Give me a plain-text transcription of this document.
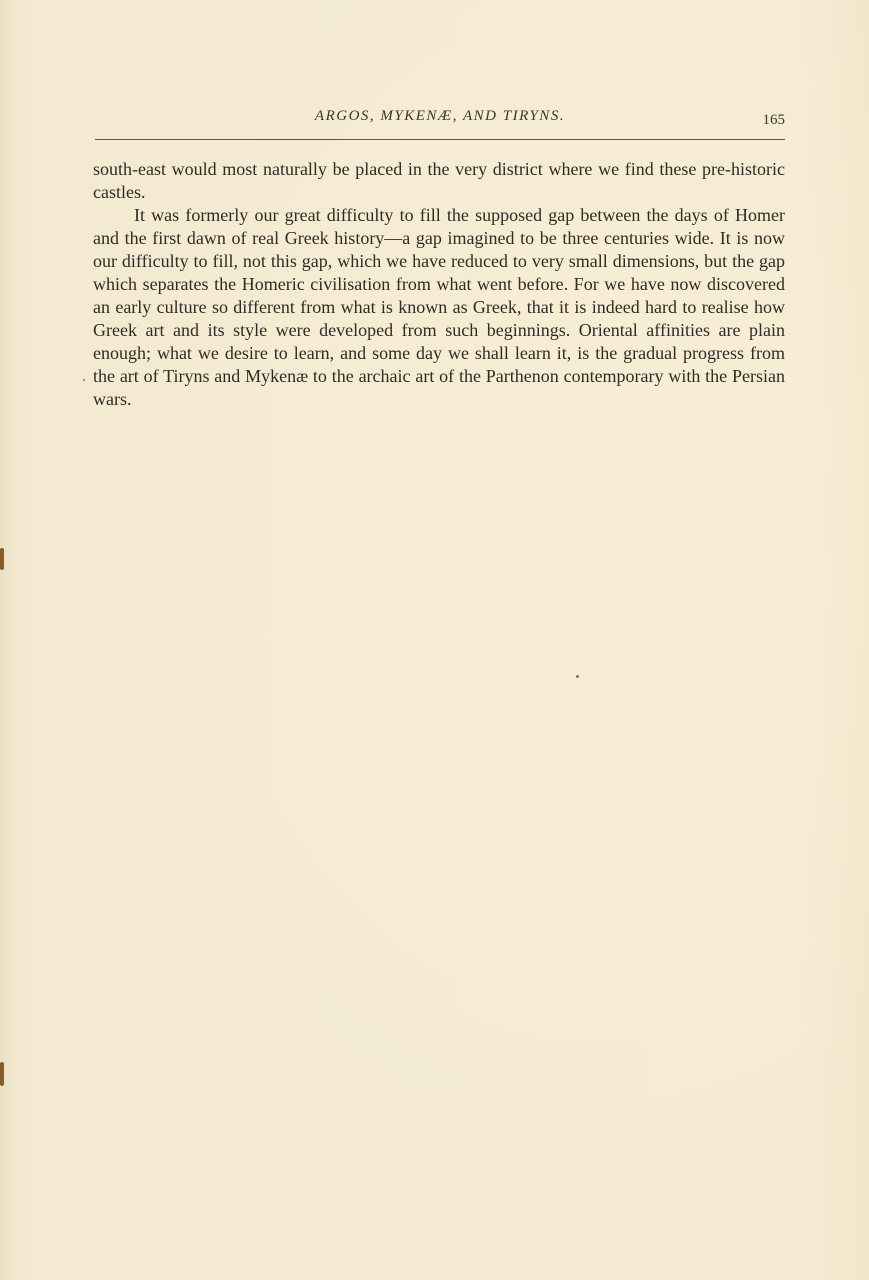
ARGOS, MYKENÆ, AND TIRYNS.	165

south-east would most naturally be placed in the very district where we find these pre-historic castles.

It was formerly our great difficulty to fill the supposed gap between the days of Homer and the first dawn of real Greek history—a gap imagined to be three centuries wide. It is now our difficulty to fill, not this gap, which we have reduced to very small dimensions, but the gap which separates the Homeric civilisation from what went before. For we have now discovered an early culture so different from what is known as Greek, that it is indeed hard to realise how Greek art and its style were developed from such beginnings. Oriental affinities are plain enough; what we desire to learn, and some day we shall learn it, is the gradual progress from the art of Tiryns and Mykenæ to the archaic art of the Parthenon contemporary with the Persian wars.
